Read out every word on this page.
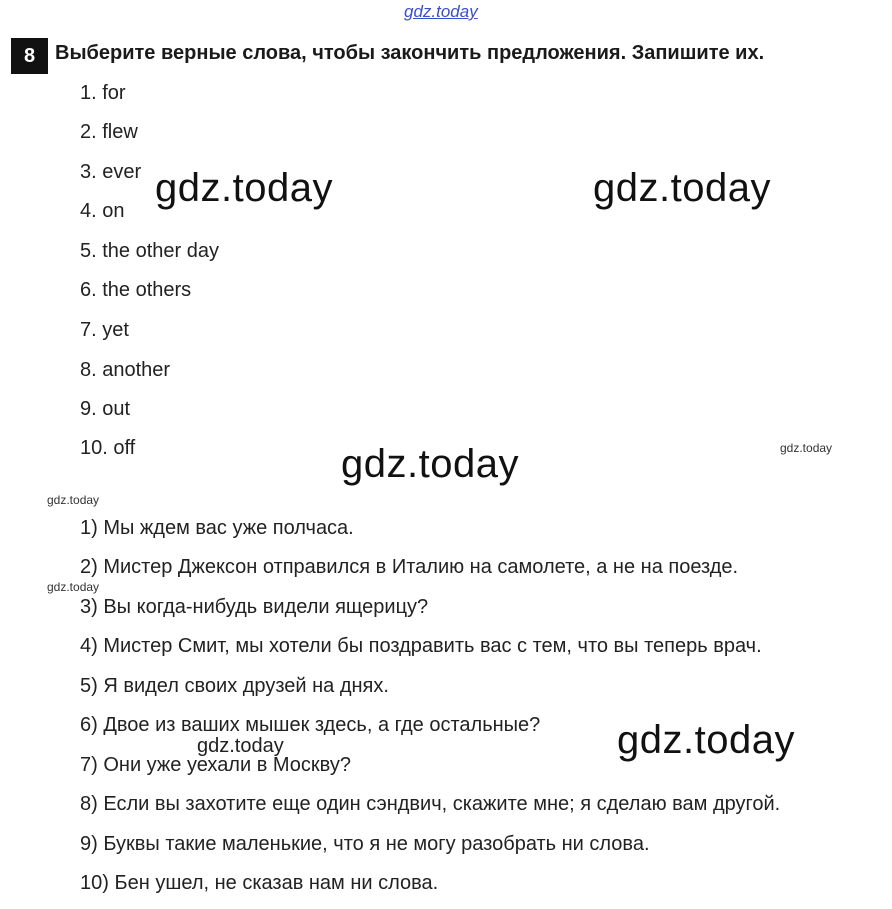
gdz.today
8 Выберите верные слова, чтобы закончить предложения. Запишите их.
1. for
2. flew
3. ever
4. on
5. the other day
6. the others
7. yet
8. another
9. out
10. off
1) Мы ждем вас уже полчаса.
2) Мистер Джексон отправился в Италию на самолете, а не на поезде.
3) Вы когда-нибудь видели ящерицу?
4) Мистер Смит, мы хотели бы поздравить вас с тем, что вы теперь врач.
5) Я видел своих друзей на днях.
6) Двое из ваших мышек здесь, а где остальные?
7) Они уже уехали в Москву?
8) Если вы захотите еще один сэндвич, скажите мне; я сделаю вам другой.
9) Буквы такие маленькие, что я не могу разобрать ни слова.
10) Бен ушел, не сказав нам ни слова.
gdz.today	gdz.today
gdz.today
gdz.today
gdz.today
gdz.today
gdz.today
gdz.today
